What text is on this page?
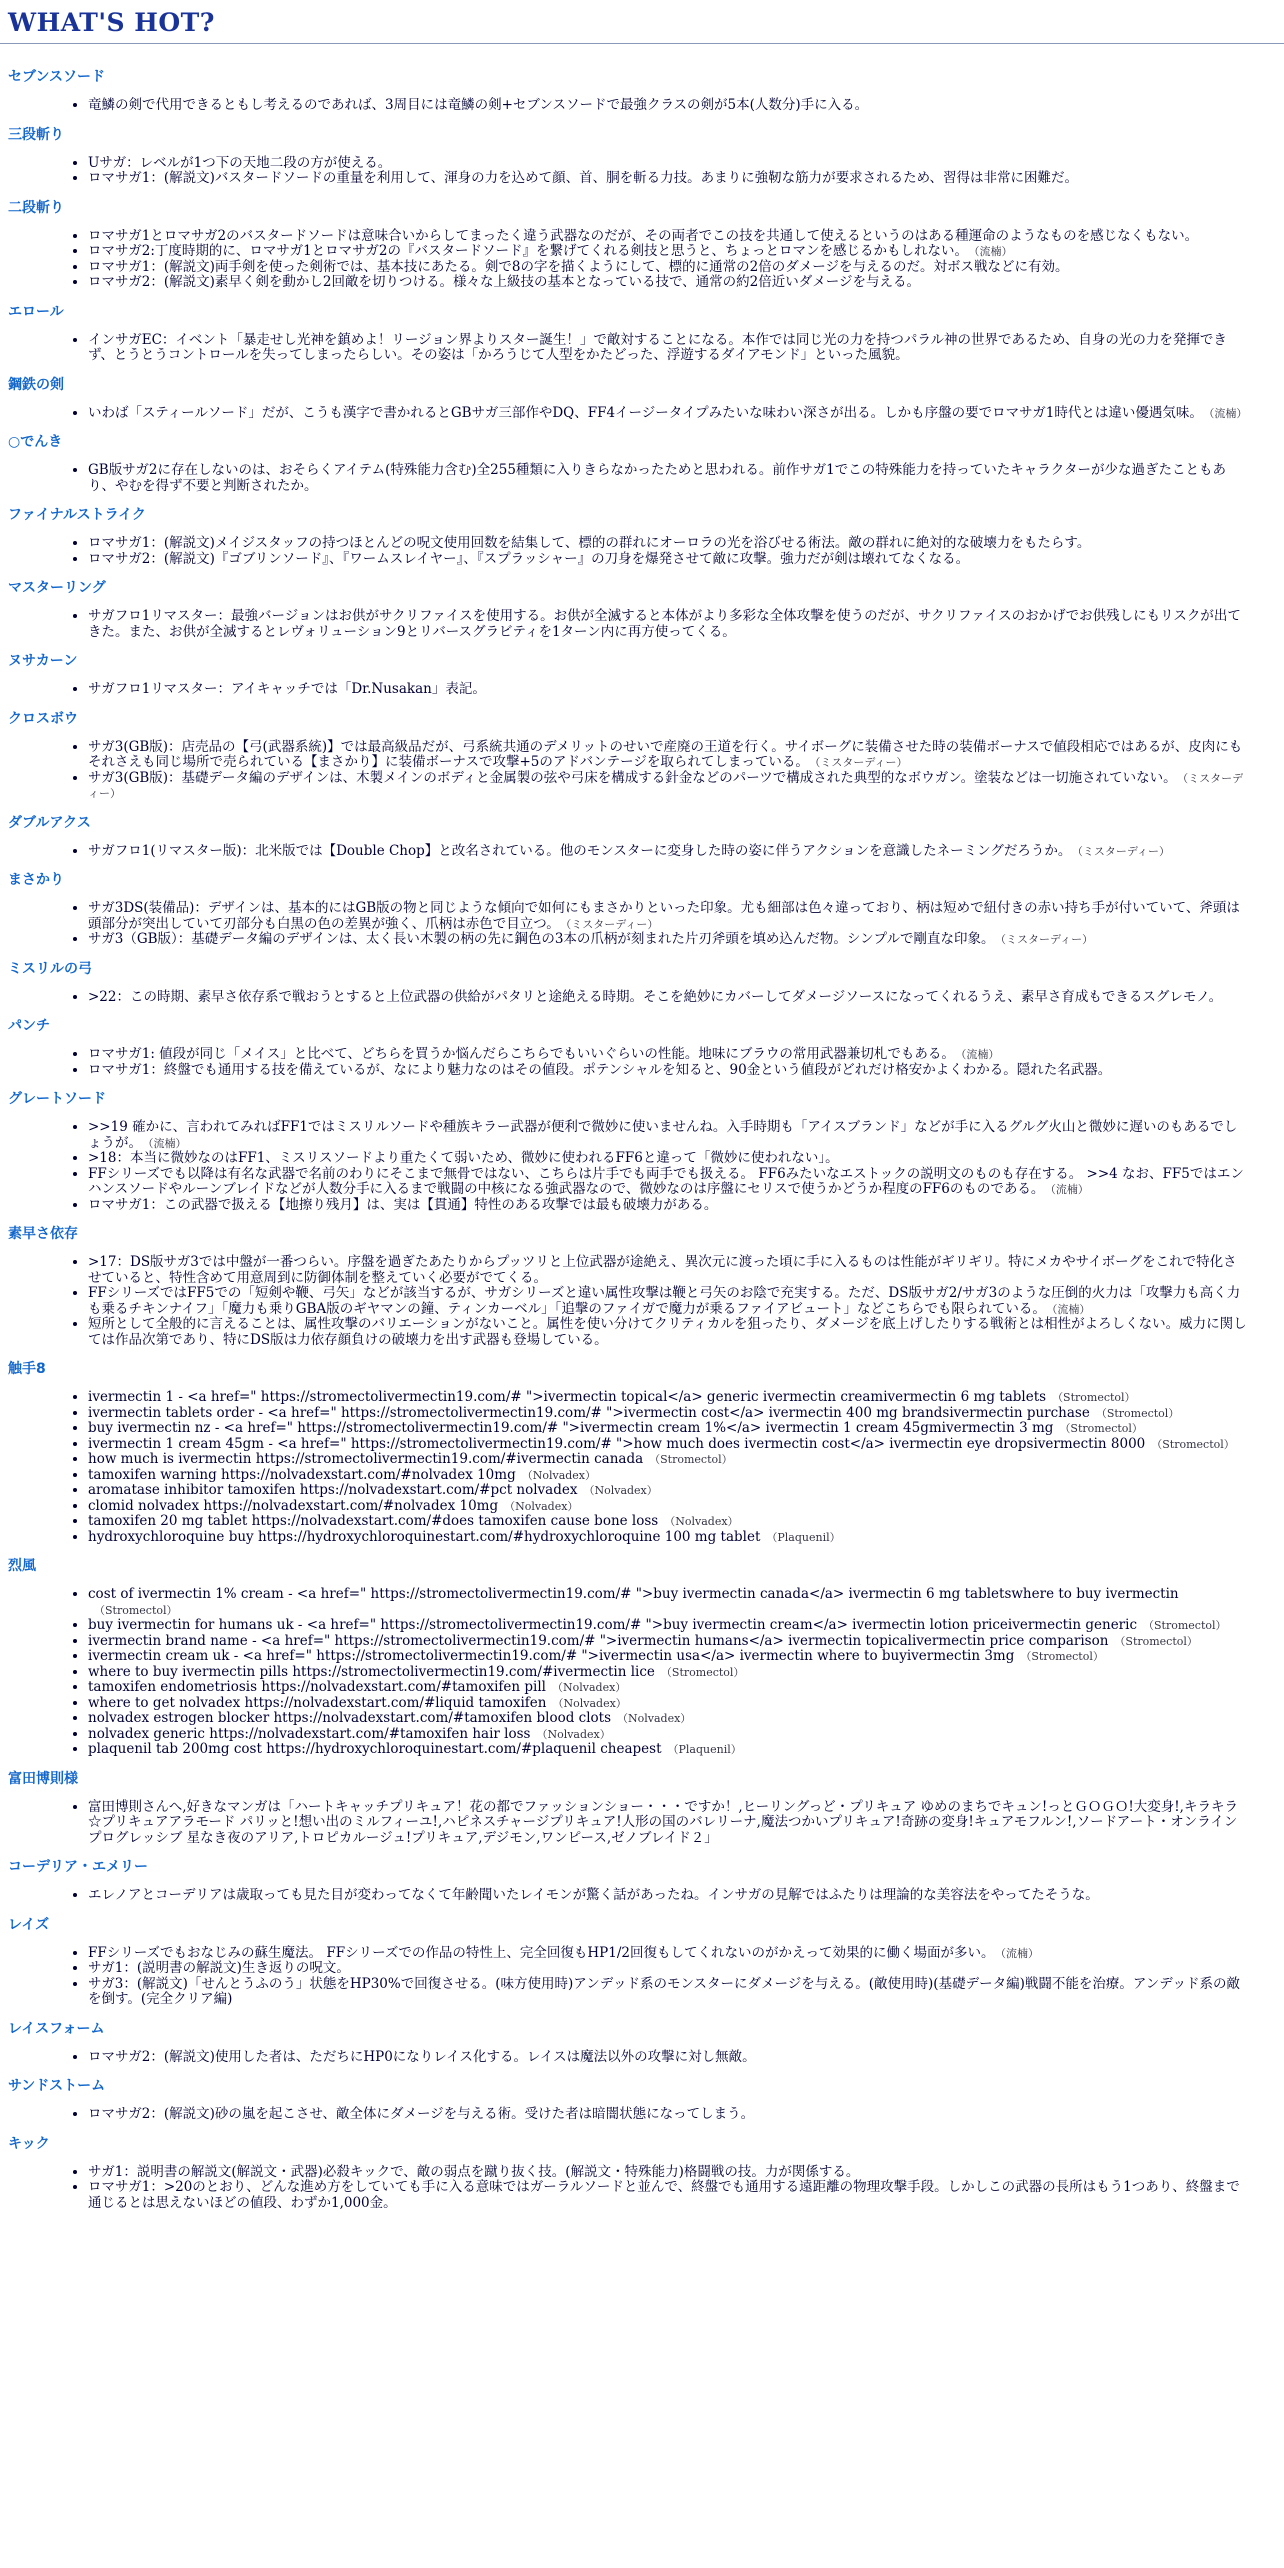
WHAT'S HOT?
セブンスソード
• 竜鱗の剣で代用できるともし考えるのであれば、3周目には竜鱗の剣+セブンスソードで最強クラスの剣が5本(人数分)手に入る。
三段斬り
• Uサガ：レベルが1つ下の天地二段の方が使える。
• ロマサガ1：(解説文)バスタードソードの重量を利用して、渾身の力を込めて顔、首、胴を斬る力技。あまりに強靭な筋力が要求されるため、習得は非常に困難だ。
二段斬り
• ロマサガ1とロマサガ2のバスタードソードは意味合いからしてまったく違う武器なのだが、その両者でこの技を共通して使えるというのはある種運命のようなものを感じなくもない。
• ロマサガ2:丁度時期的に、ロマサガ1とロマサガ2の『バスタードソード』を繋げてくれる剣技と思うと、ちょっとロマンを感じるかもしれない。 （流楠）
• ロマサガ1：(解説文)両手剣を使った剣術では、基本技にあたる。剣で8の字を描くようにして、標的に通常の2倍のダメージを与えるのだ。対ボス戦などに有効。
• ロマサガ2：(解説文)素早く剣を動かし2回敵を切りつける。様々な上級技の基本となっている技で、通常の約2倍近いダメージを与える。
エロール
• インサガEC：イベント「暴走せし光神を鎮めよ！リージョン界よりスター誕生！」で敵対することになる。本作では同じ光の力を持つパラル神の世界であるため、自身の光の力を発揮できず、とうとうコントロールを失ってしまったらしい。その姿は「かろうじて人型をかたどった、浮遊するダイアモンド」といった風貌。
鋼鉄の剣
• いわば「スティールソード」だが、こうも漢字で書かれるとGBサガ三部作やDQ、FF4イージータイプみたいな味わい深さが出る。しかも序盤の要でロマサガ1時代とは違い優遇気味。 （流楠）
○でんき
• GB版サガ2に存在しないのは、おそらくアイテム(特殊能力含む)全255種類に入りきらなかったためと思われる。前作サガ1でこの特殊能力を持っていたキャラクターが少な過ぎたこともあり、やむを得ず不要と判断されたか。
ファイナルストライク
• ロマサガ1：(解説文)メイジスタッフの持つほとんどの呪文使用回数を結集して、標的の群れにオーロラの光を浴びせる術法。敵の群れに絶対的な破壊力をもたらす。
• ロマサガ2：(解説文)『ゴブリンソード』、『ワームスレイヤー』、『スプラッシャー』の刀身を爆発させて敵に攻撃。強力だが剣は壊れてなくなる。
マスターリング
• サガフロ1リマスター：最強バージョンはお供がサクリファイスを使用する。お供が全滅すると本体がより多彩な全体攻撃を使うのだが、サクリファイスのおかげでお供残しにもリスクが出てきた。また、お供が全滅するとレヴォリューション9とリバースグラビティを1ターン内に再方使ってくる。
ヌサカーン
• サガフロ1リマスター：アイキャッチでは「Dr.Nusakan」表記。
クロスボウ
• サガ3(GB版)：店売品の【弓(武器系統)】では最高級品だが、弓系統共通のデメリットのせいで産廃の王道を行く。サイボーグに装備させた時の装備ボーナスで値段相応ではあるが、皮肉にもそれさえも同じ場所で売られている【まさかり】に装備ボーナスで攻撃+5のアドバンテージを取られてしまっている。 （ミスターディー）
• サガ3(GB版)：基礎データ編のデザインは、木製メインのボディと金属製の弦や弓床を構成する針金などのパーツで構成された典型的なボウガン。塗装などは一切施されていない。 （ミスターディー）
ダブルアクス
• サガフロ1(リマスター版)：北米版では【Double Chop】と改名されている。他のモンスターに変身した時の姿に伴うアクションを意識したネーミングだろうか。 （ミスターディー）
まさかり
• サガ3DS(装備品)：デザインは、基本的にはGB版の物と同じような傾向で如何にもまさかりといった印象。尤も細部は色々違っており、柄は短めで紐付きの赤い持ち手が付いていて、斧頭は頭部分が突出していて刃部分も白黒の色の差異が強く、爪柄は赤色で目立つ。 （ミスターディー）
• サガ3（GB版）：基礎データ編のデザインは、太く長い木製の柄の先に鋼色の3本の爪柄が刻まれた片刃斧頭を填め込んだ物。シンプルで剛直な印象。 （ミスターディー）
ミスリルの弓
• >22：この時期、素早さ依存系で戦おうとすると上位武器の供給がパタリと途絶える時期。そこを絶妙にカバーしてダメージソースになってくれるうえ、素早さ育成もできるスグレモノ。
パンチ
• ロマサガ1: 値段が同じ「メイス」と比べて、どちらを買うか悩んだらこちらでもいいぐらいの性能。地味にブラウの常用武器兼切札でもある。 （流楠）
• ロマサガ1：終盤でも通用する技を備えているが、なにより魅力なのはその値段。ポテンシャルを知ると、90金という値段がどれだけ格安かよくわかる。隠れた名武器。
グレートソード
• >>19 確かに、言われてみればFF1ではミスリルソードや種族キラー武器が便利で微妙に使いませんね。入手時期も「アイスブランド」などが手に入るグルグ火山と微妙に遅いのもあるでしょうが。 （流楠）
• >18：本当に微妙なのはFF1、ミスリスソードより重たくて弱いため、微妙に使われるFF6と違って「微妙に使われない」。
• FFシリーズでも以降は有名な武器で名前のわりにそこまで無骨ではない、こちらは片手でも両手でも扱える。 FF6みたいなエストックの説明文のものも存在する。 >>4 なお、FF5ではエンハンスソードやルーンブレイドなどが人数分手に入るまで戦闘の中核になる強武器なので、微妙なのは序盤にセリスで使うかどうか程度のFF6のものである。 （流楠）
• ロマサガ1：この武器で扱える【地擦り残月】は、実は【貫通】特性のある攻撃では最も破壊力がある。
素早さ依存
• >17：DS版サガ3では中盤が一番つらい。序盤を過ぎたあたりからプッツリと上位武器が途絶え、異次元に渡った頃に手に入るものは性能がギリギリ。特にメカやサイボーグをこれで特化させていると、特性含めて用意周到に防御体制を整えていく必要がでてくる。
• FFシリーズではFF5での「短剣や鞭、弓矢」などが該当するが、サガシリーズと違い属性攻撃は鞭と弓矢のお陰で充実する。ただ、DS版サガ2/サガ3のような圧倒的火力は「攻撃力も高く力も乗るチキンナイフ」「魔力も乗りGBA版のギヤマンの鐘、ティンカーベル」「追撃のファイガで魔力が乗るファイアビュート」などこちらでも限られている。 （流楠）
• 短所として全般的に言えることは、属性攻撃のバリエーションがないこと。属性を使い分けてクリティカルを狙ったり、ダメージを底上げしたりする戦術とは相性がよろしくない。威力に関しては作品次第であり、特にDS版は力依存顔負けの破壊力を出す武器も登場している。
触手8
• ivermectin 1 - <a href=" https://stromectolivermectin19.com/# ">ivermectin topical</a> generic ivermectin creamivermectin 6 mg tablets （Stromectol）
• ivermectin tablets order - <a href=" https://stromectolivermectin19.com/# ">ivermectin cost</a> ivermectin 400 mg brandsivermectin purchase （Stromectol）
• buy ivermectin nz - <a href=" https://stromectolivermectin19.com/# ">ivermectin cream 1%</a> ivermectin 1 cream 45gmivermectin 3 mg （Stromectol）
• ivermectin 1 cream 45gm - <a href=" https://stromectolivermectin19.com/# ">how much does ivermectin cost</a> ivermectin eye dropsivermectin 8000 （Stromectol）
• how much is ivermectin https://stromectolivermectin19.com/#ivermectin canada （Stromectol）
• tamoxifen warning https://nolvadexstart.com/#nolvadex 10mg （Nolvadex）
• aromatase inhibitor tamoxifen https://nolvadexstart.com/#pct nolvadex （Nolvadex）
• clomid nolvadex https://nolvadexstart.com/#nolvadex 10mg （Nolvadex）
• tamoxifen 20 mg tablet https://nolvadexstart.com/#does tamoxifen cause bone loss （Nolvadex）
• hydroxychloroquine buy https://hydroxychloroquinestart.com/#hydroxychloroquine 100 mg tablet （Plaquenil）
烈風
• cost of ivermectin 1% cream - <a href=" https://stromectolivermectin19.com/# ">buy ivermectin canada</a> ivermectin 6 mg tabletswhere to buy ivermectin（Stromectol）
• buy ivermectin for humans uk - <a href=" https://stromectolivermectin19.com/# ">buy ivermectin cream</a> ivermectin lotion priceivermectin generic （Stromectol）
• ivermectin brand name - <a href=" https://stromectolivermectin19.com/# ">ivermectin humans</a> ivermectin topicalivermectin price comparison （Stromectol）
• ivermectin cream uk - <a href=" https://stromectolivermectin19.com/# ">ivermectin usa</a> ivermectin where to buyivermectin 3mg （Stromectol）
• where to buy ivermectin pills https://stromectolivermectin19.com/#ivermectin lice （Stromectol）
• tamoxifen endometriosis https://nolvadexstart.com/#tamoxifen pill （Nolvadex）
• where to get nolvadex https://nolvadexstart.com/#liquid tamoxifen （Nolvadex）
• nolvadex estrogen blocker https://nolvadexstart.com/#tamoxifen blood clots （Nolvadex）
• nolvadex generic https://nolvadexstart.com/#tamoxifen hair loss （Nolvadex）
• plaquenil tab 200mg cost https://hydroxychloroquinestart.com/#plaquenil cheapest （Plaquenil）
富田博則様
• 富田博則さんへ,好きなマンガは「ハートキャッチプリキュア！花の都でファッションショー・・・ですか！,ヒーリングっど・プリキュア ゆめのまちでキュン!っとＧＯＧＯ!大変身!,キラキラ☆プリキュアアラモード パリッと!想い出のミルフィーユ!,ハピネスチャージプリキュア!人形の国のバレリーナ,魔法つかいプリキュア!奇跡の変身!キュアモフルン!,ソードアート・オンライン プログレッシブ 星なき夜のアリア,トロピカルージュ!プリキュア,デジモン,ワンピース,ゼノブレイド２」
コーデリア・エメリー
• エレノアとコーデリアは歳取っても見た目が変わってなくて年齢聞いたレイモンが驚く話があったね。インサガの見解ではふたりは理論的な美容法をやってたそうな。
レイズ
• FFシリーズでもおなじみの蘇生魔法。 FFシリーズでの作品の特性上、完全回復もHP1/2回復もしてくれないのがかえって効果的に働く場面が多い。 （流楠）
• サガ1：(説明書の解説文)生き返りの呪文。
• サガ3：(解説文)「せんとうふのう」状態をHP30%で回復させる。(味方使用時)アンデッド系のモンスターにダメージを与える。(敵使用時)(基礎データ編)戦闘不能を治療。アンデッド系の敵を倒す。(完全クリア編)
レイスフォーム
• ロマサガ2：(解説文)使用した者は、ただちにHP0になりレイス化する。レイスは魔法以外の攻撃に対し無敵。
サンドストーム
• ロマサガ2：(解説文)砂の嵐を起こさせ、敵全体にダメージを与える術。受けた者は暗闇状態になってしまう。
キック
• サガ1：説明書の解説文(解説文・武器)必殺キックで、敵の弱点を蹴り抜く技。(解説文・特殊能力)格闘戦の技。力が関係する。
• ロマサガ1：>20のとおり、どんな進め方をしていても手に入る意味ではガーラルソードと並んで、終盤でも通用する遠距離の物理攻撃手段。しかしこの武器の長所はもう1つあり、終盤まで通じるとは思えないほどの値段、わずか1,000金。
